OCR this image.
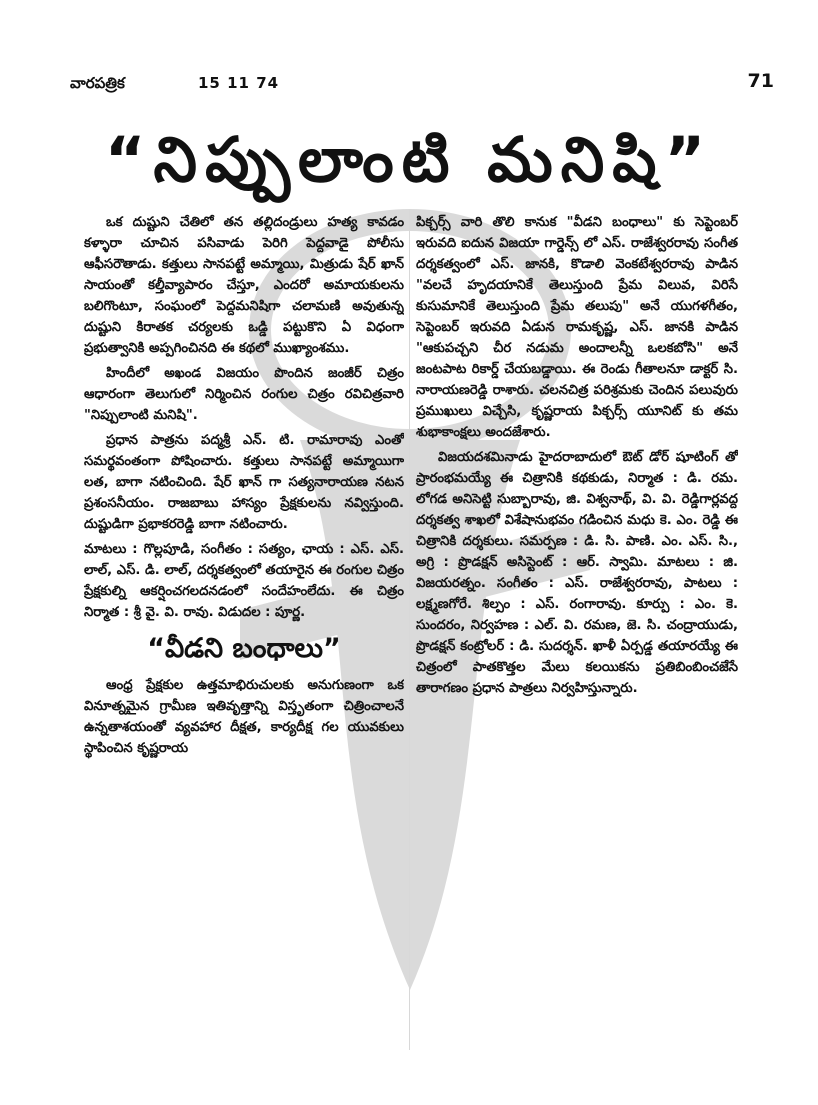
వారపత్రిక	15 11 74	71
“నిప్పులాంటి మనిషి”

ఒక దుష్టుని చేతిలో తన తల్లిదండ్రులు హత్య కావడం కళ్ళారా చూచిన పసివాడు పెరిగి పెద్దవాడై పోలీసు ఆఫీసరౌతాడు. కత్తులు సానపట్టే అమ్మాయి, మిత్రుడు షేర్ ఖాన్ సాయంతో కల్తీవ్యాపారం చేస్తూ, ఎందరో అమాయకులను బలిగొంటూ, సంఘంలో పెద్దమనిషిగా చలామణి అవుతున్న దుష్టుని కిరాతక చర్యలకు ఒడ్డి పట్టుకొని ఏ విధంగా ప్రభుత్వానికి అప్పగించినది ఈ కథలో ముఖ్యాంశము.

హిందీలో అఖండ విజయం పొందిన జంజీర్ చిత్రం ఆధారంగా తెలుగులో నిర్మించిన రంగుల చిత్రం రవిచిత్రవారి "నిప్పులాంటి మనిషి".

ప్రధాన పాత్రను పద్మశ్రీ ఎన్. టి. రామారావు ఎంతో సమర్థవంతంగా పోషించారు. కత్తులు సానపట్టే అమ్మాయిగా లత, బాగా నటించింది. షేర్ ఖాన్ గా సత్యనారాయణ నటన ప్రశంసనీయం. రాజబాబు హాస్యం ప్రేక్షకులను నవ్విస్తుంది. దుష్టుడిగా ప్రభాకరరెడ్డి బాగా నటించారు.

మాటలు : గొల్లపూడి, సంగీతం : సత్యం, ఛాయ : ఎస్. ఎస్. లాల్, ఎస్. డి. లాల్, దర్శకత్వంలో తయారైన ఈ రంగుల చిత్రం ప్రేక్షకుల్ని ఆకర్షించగలదనడంలో సందేహంలేదు. ఈ చిత్రం నిర్మాత : శ్రీ వై. వి. రావు. విడుదల : పూర్ణ.

“వీడని బంధాలు”

ఆంధ్ర ప్రేక్షకుల ఉత్తమాభిరుచులకు అనుగుణంగా ఒక వినూత్నమైన గ్రామీణ ఇతివృత్తాన్ని విస్తృతంగా చిత్రించాలనే ఉన్నతాశయంతో వ్యవహార దీక్షత, కార్యదీక్ష గల యువకులు స్థాపించిన కృష్ణరాయ

పిక్చర్స్ వారి తొలి కానుక "వీడని బంధాలు" కు సెప్టెంబర్ ఇరువది ఐదున విజయా గార్డెన్స్ లో ఎస్. రాజేశ్వరరావు సంగీత దర్శకత్వంలో ఎస్. జానకి, కొడాలి వెంకటేశ్వరరావు పాడిన "వలచే హృదయానికే తెలుస్తుంది ప్రేమ విలువ, విరిసే కుసుమానికే తెలుస్తుంది ప్రేమ తలుపు" అనే యుగళగీతం, సెప్టెంబర్ ఇరువది ఏడున రామకృష్ణ, ఎస్. జానకి పాడిన "ఆకుపచ్చని చీర నడుమ అందాలన్నీ ఒలకబోసి" అనే జంటపాట రికార్డ్ చేయబడ్డాయి. ఈ రెండు గీతాలనూ డాక్టర్ సి. నారాయణరెడ్డి రాశారు. చలనచిత్ర పరిశ్రమకు చెందిన పలువురు ప్రముఖులు విచ్చేసి, కృష్ణరాయ పిక్చర్స్ యూనిట్ కు తమ శుభాకాంక్షలు అందజేశారు.

విజయదశమినాడు హైదరాబాదులో ఔట్ డోర్ షూటింగ్ తో ప్రారంభమయ్యే ఈ చిత్రానికి కథకుడు, నిర్మాత : డి. రమ. లోగడ అనిసెట్టి సుబ్బారావు, జి. విశ్వనాథ్, వి. వి. రెడ్డిగార్లవద్ద దర్శకత్వ శాఖలో విశేషానుభవం గడించిన మధు కె. ఎం. రెడ్డి ఈ చిత్రానికి దర్శకులు. సమర్పణ : డి. సి. పాణి. ఎం. ఎస్. సి., అగ్రి : ప్రొడక్షన్ అసిస్టెంట్ : ఆర్. స్వామి. మాటలు : జి. విజయరత్నం. సంగీతం : ఎస్. రాజేశ్వరరావు, పాటలు : లక్ష్మణగోరే. శిల్పం : ఎస్. రంగారావు. కూర్పు : ఎం. కె. సుందరం, నిర్వహణ : ఎల్. వి. రమణ, జె. సి. చంద్రాయుడు, ప్రొడక్షన్ కంట్రోలర్ : డి. సుదర్శన్. ఖాళీ ఏర్పడ్డ తయారయ్యే ఈ చిత్రంలో పాతకొత్తల మేలు కలయికను ప్రతిబింబించజేసే తారాగణం ప్రధాన పాత్రలు నిర్వహిస్తున్నారు.
